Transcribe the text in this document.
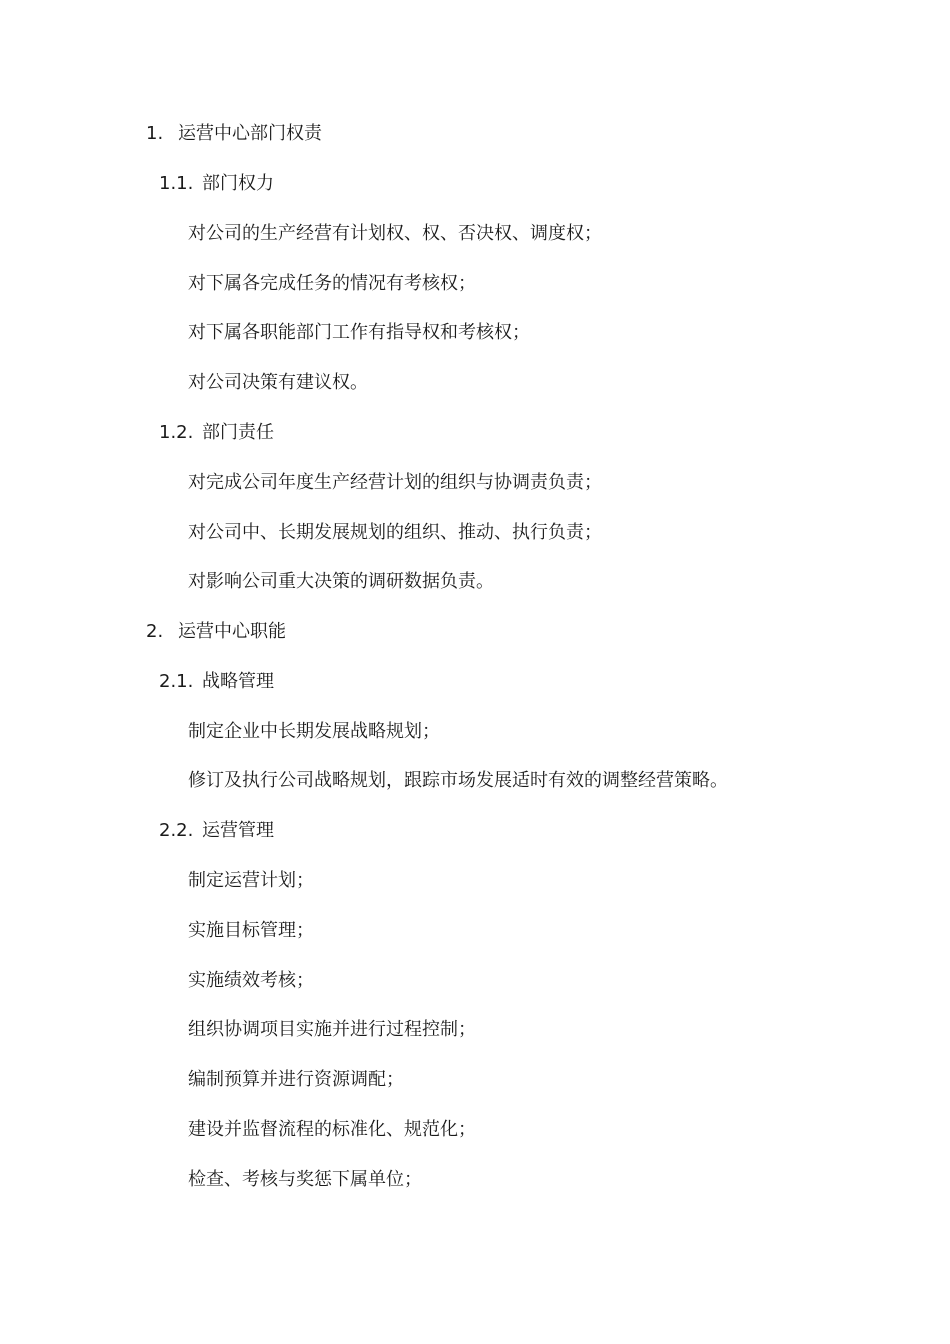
1. 运营中心部门权责
1.1. 部门权力
对公司的生产经营有计划权、权、否决权、调度权；
对下属各完成任务的情况有考核权；
对下属各职能部门工作有指导权和考核权；
对公司决策有建议权。
1.2. 部门责任
对完成公司年度生产经营计划的组织与协调责负责；
对公司中、长期发展规划的组织、推动、执行负责；
对影响公司重大决策的调研数据负责。
2. 运营中心职能
2.1. 战略管理
制定企业中长期发展战略规划；
修订及执行公司战略规划，跟踪市场发展适时有效的调整经营策略。
2.2. 运营管理
制定运营计划；
实施目标管理；
实施绩效考核；
组织协调项目实施并进行过程控制；
编制预算并进行资源调配；
建设并监督流程的标准化、规范化；
检查、考核与奖惩下属单位；
